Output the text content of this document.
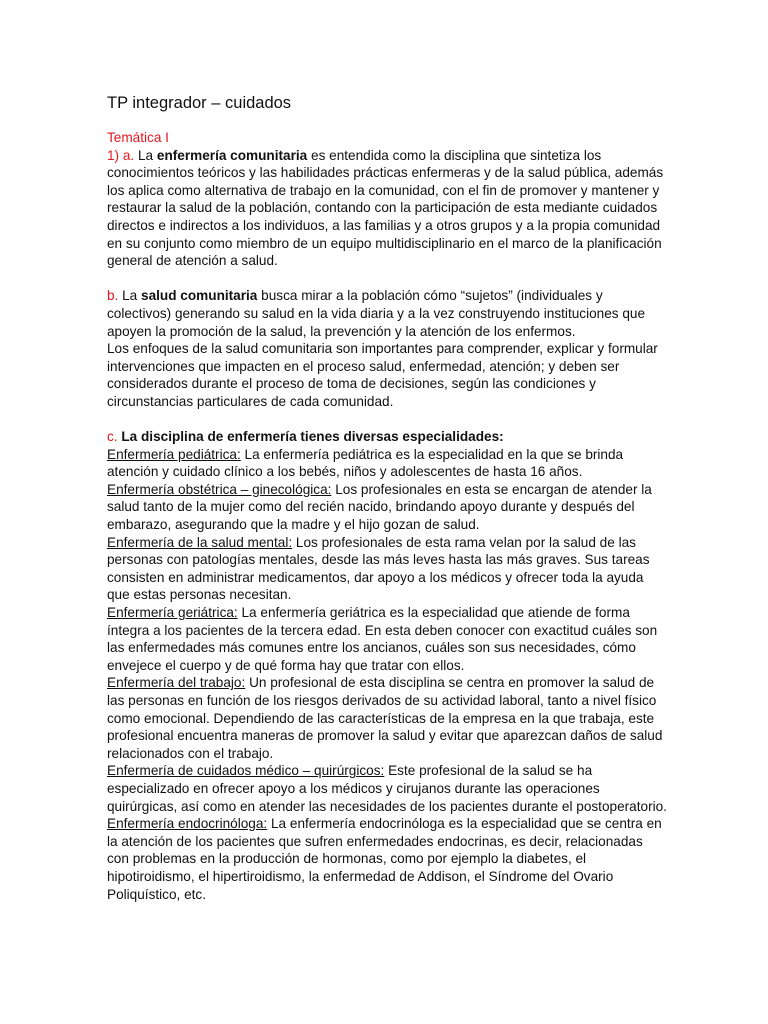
TP integrador – cuidados

Temática I

1) a. La enfermería comunitaria es entendida como la disciplina que sintetiza los conocimientos teóricos y las habilidades prácticas enfermeras y de la salud pública, además los aplica como alternativa de trabajo en la comunidad, con el fin de promover y mantener y restaurar la salud de la población, contando con la participación de esta mediante cuidados directos e indirectos a los individuos, a las familias y a otros grupos y a la propia comunidad en su conjunto como miembro de un equipo multidisciplinario en el marco de la planificación general de atención a salud.

b. La salud comunitaria busca mirar a la población cómo “sujetos” (individuales y colectivos) generando su salud en la vida diaria y a la vez construyendo instituciones que apoyen la promoción de la salud, la prevención y la atención de los enfermos.

Los enfoques de la salud comunitaria son importantes para comprender, explicar y formular intervenciones que impacten en el proceso salud, enfermedad, atención; y deben ser considerados durante el proceso de toma de decisiones, según las condiciones y circunstancias particulares de cada comunidad.

c. La disciplina de enfermería tienes diversas especialidades:

Enfermería pediátrica: La enfermería pediátrica es la especialidad en la que se brinda atención y cuidado clínico a los bebés, niños y adolescentes de hasta 16 años.

Enfermería obstétrica – ginecológica: Los profesionales en esta se encargan de atender la salud tanto de la mujer como del recién nacido, brindando apoyo durante y después del embarazo, asegurando que la madre y el hijo gozan de salud.

Enfermería de la salud mental: Los profesionales de esta rama velan por la salud de las personas con patologías mentales, desde las más leves hasta las más graves. Sus tareas consisten en administrar medicamentos, dar apoyo a los médicos y ofrecer toda la ayuda que estas personas necesitan.

Enfermería geriátrica: La enfermería geriátrica es la especialidad que atiende de forma íntegra a los pacientes de la tercera edad. En esta deben conocer con exactitud cuáles son las enfermedades más comunes entre los ancianos, cuáles son sus necesidades, cómo envejece el cuerpo y de qué forma hay que tratar con ellos.

Enfermería del trabajo: Un profesional de esta disciplina se centra en promover la salud de las personas en función de los riesgos derivados de su actividad laboral, tanto a nivel físico como emocional. Dependiendo de las características de la empresa en la que trabaja, este profesional encuentra maneras de promover la salud y evitar que aparezcan daños de salud relacionados con el trabajo.

Enfermería de cuidados médico – quirúrgicos: Este profesional de la salud se ha especializado en ofrecer apoyo a los médicos y cirujanos durante las operaciones quirúrgicas, así como en atender las necesidades de los pacientes durante el postoperatorio.

Enfermería endocrinóloga: La enfermería endocrinóloga es la especialidad que se centra en la atención de los pacientes que sufren enfermedades endocrinas, es decir, relacionadas con problemas en la producción de hormonas, como por ejemplo la diabetes, el hipotiroidismo, el hipertiroidismo, la enfermedad de Addison, el Síndrome del Ovario Poliquístico, etc.
